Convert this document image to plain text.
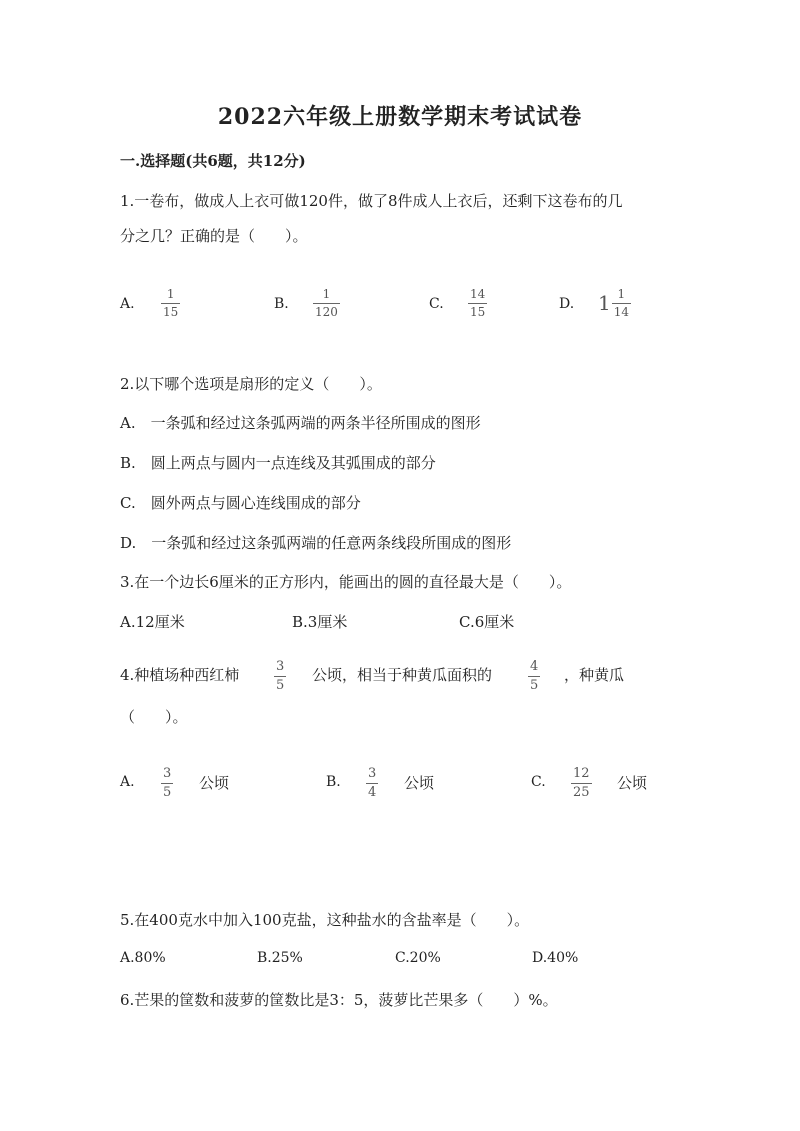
2022六年级上册数学期末考试试卷
一.选择题(共6题，共12分)
1.一卷布，做成人上衣可做120件，做了8件成人上衣后，还剩下这卷布的几
分之几？正确的是（　　）。
A.
1
15	B.
1
120	C.
14
15	D. $1 \frac{1}{14}$
2.以下哪个选项是扇形的定义（　　）。
A.　一条弧和经过这条弧两端的两条半径所围成的图形
B.　圆上两点与圆内一点连线及其弧围成的部分
C.　圆外两点与圆心连线围成的部分
D.　一条弧和经过这条弧两端的任意两条线段所围成的图形
3.在一个边长6厘米的正方形内，能画出的圆的直径最大是（　　）。
A.12厘米	B.3厘米	C.6厘米
4.种植场种西红柿	3
5
公顷，相当于种黄瓜面积的	4
5
，种黄瓜
（　　）。
A.
3
5
公顷	B.
3
4
公顷	C.
12
25
公顷
5.在400克水中加入100克盐，这种盐水的含盐率是（　　）。
A.80%	B.25%	C.20%	D.40%
6.芒果的筐数和菠萝的筐数比是3：5，菠萝比芒果多（　　）%。
